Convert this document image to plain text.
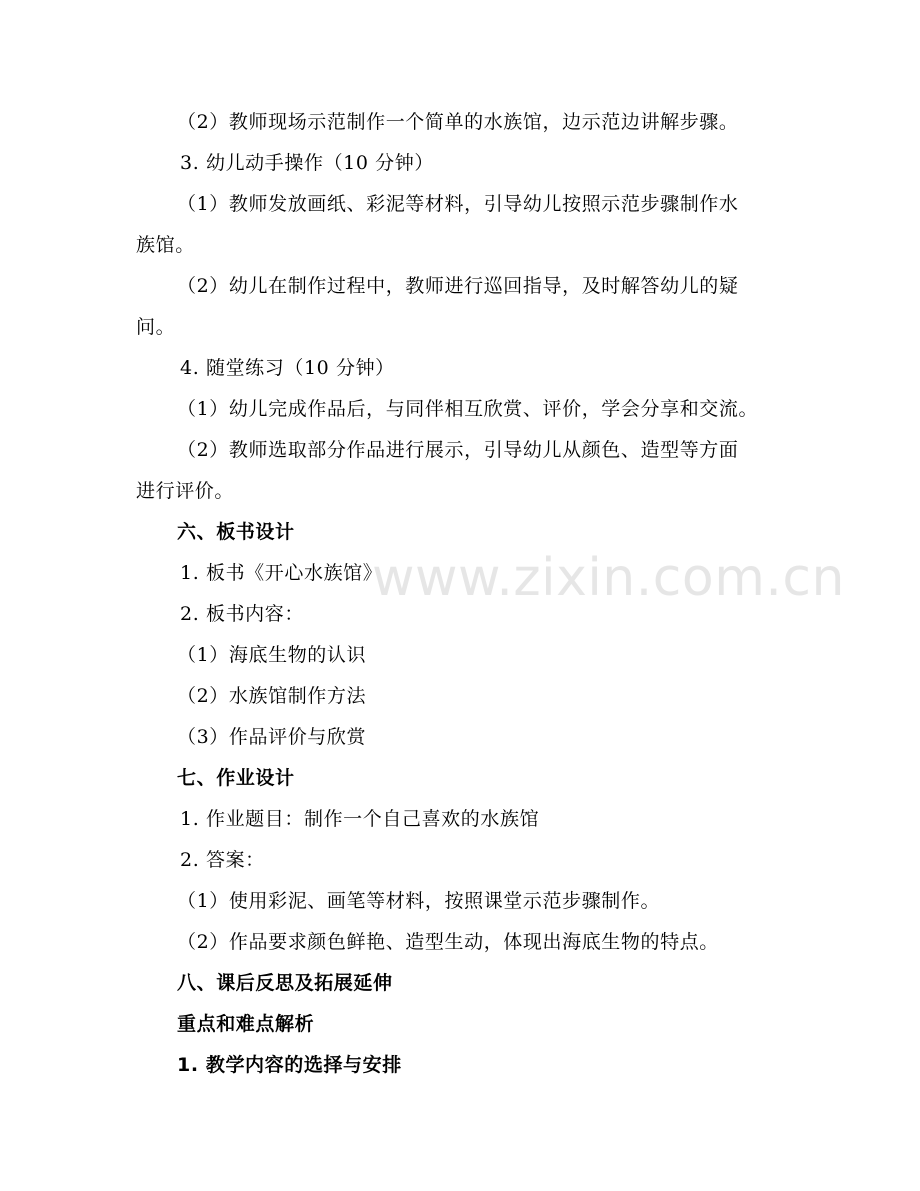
www.zixin.com.cn
（2）教师现场示范制作一个简单的水族馆，边示范边讲解步骤。
3. 幼儿动手操作（10 分钟）
（1）教师发放画纸、彩泥等材料，引导幼儿按照示范步骤制作水
族馆。
（2）幼儿在制作过程中，教师进行巡回指导，及时解答幼儿的疑
问。
4. 随堂练习（10 分钟）
（1）幼儿完成作品后，与同伴相互欣赏、评价，学会分享和交流。
（2）教师选取部分作品进行展示，引导幼儿从颜色、造型等方面
进行评价。
六、板书设计
1. 板书《开心水族馆》
2. 板书内容：
（1）海底生物的认识
（2）水族馆制作方法
（3）作品评价与欣赏
七、作业设计
1. 作业题目：制作一个自己喜欢的水族馆
2. 答案：
（1）使用彩泥、画笔等材料，按照课堂示范步骤制作。
（2）作品要求颜色鲜艳、造型生动，体现出海底生物的特点。
八、课后反思及拓展延伸
重点和难点解析
1. 教学内容的选择与安排
